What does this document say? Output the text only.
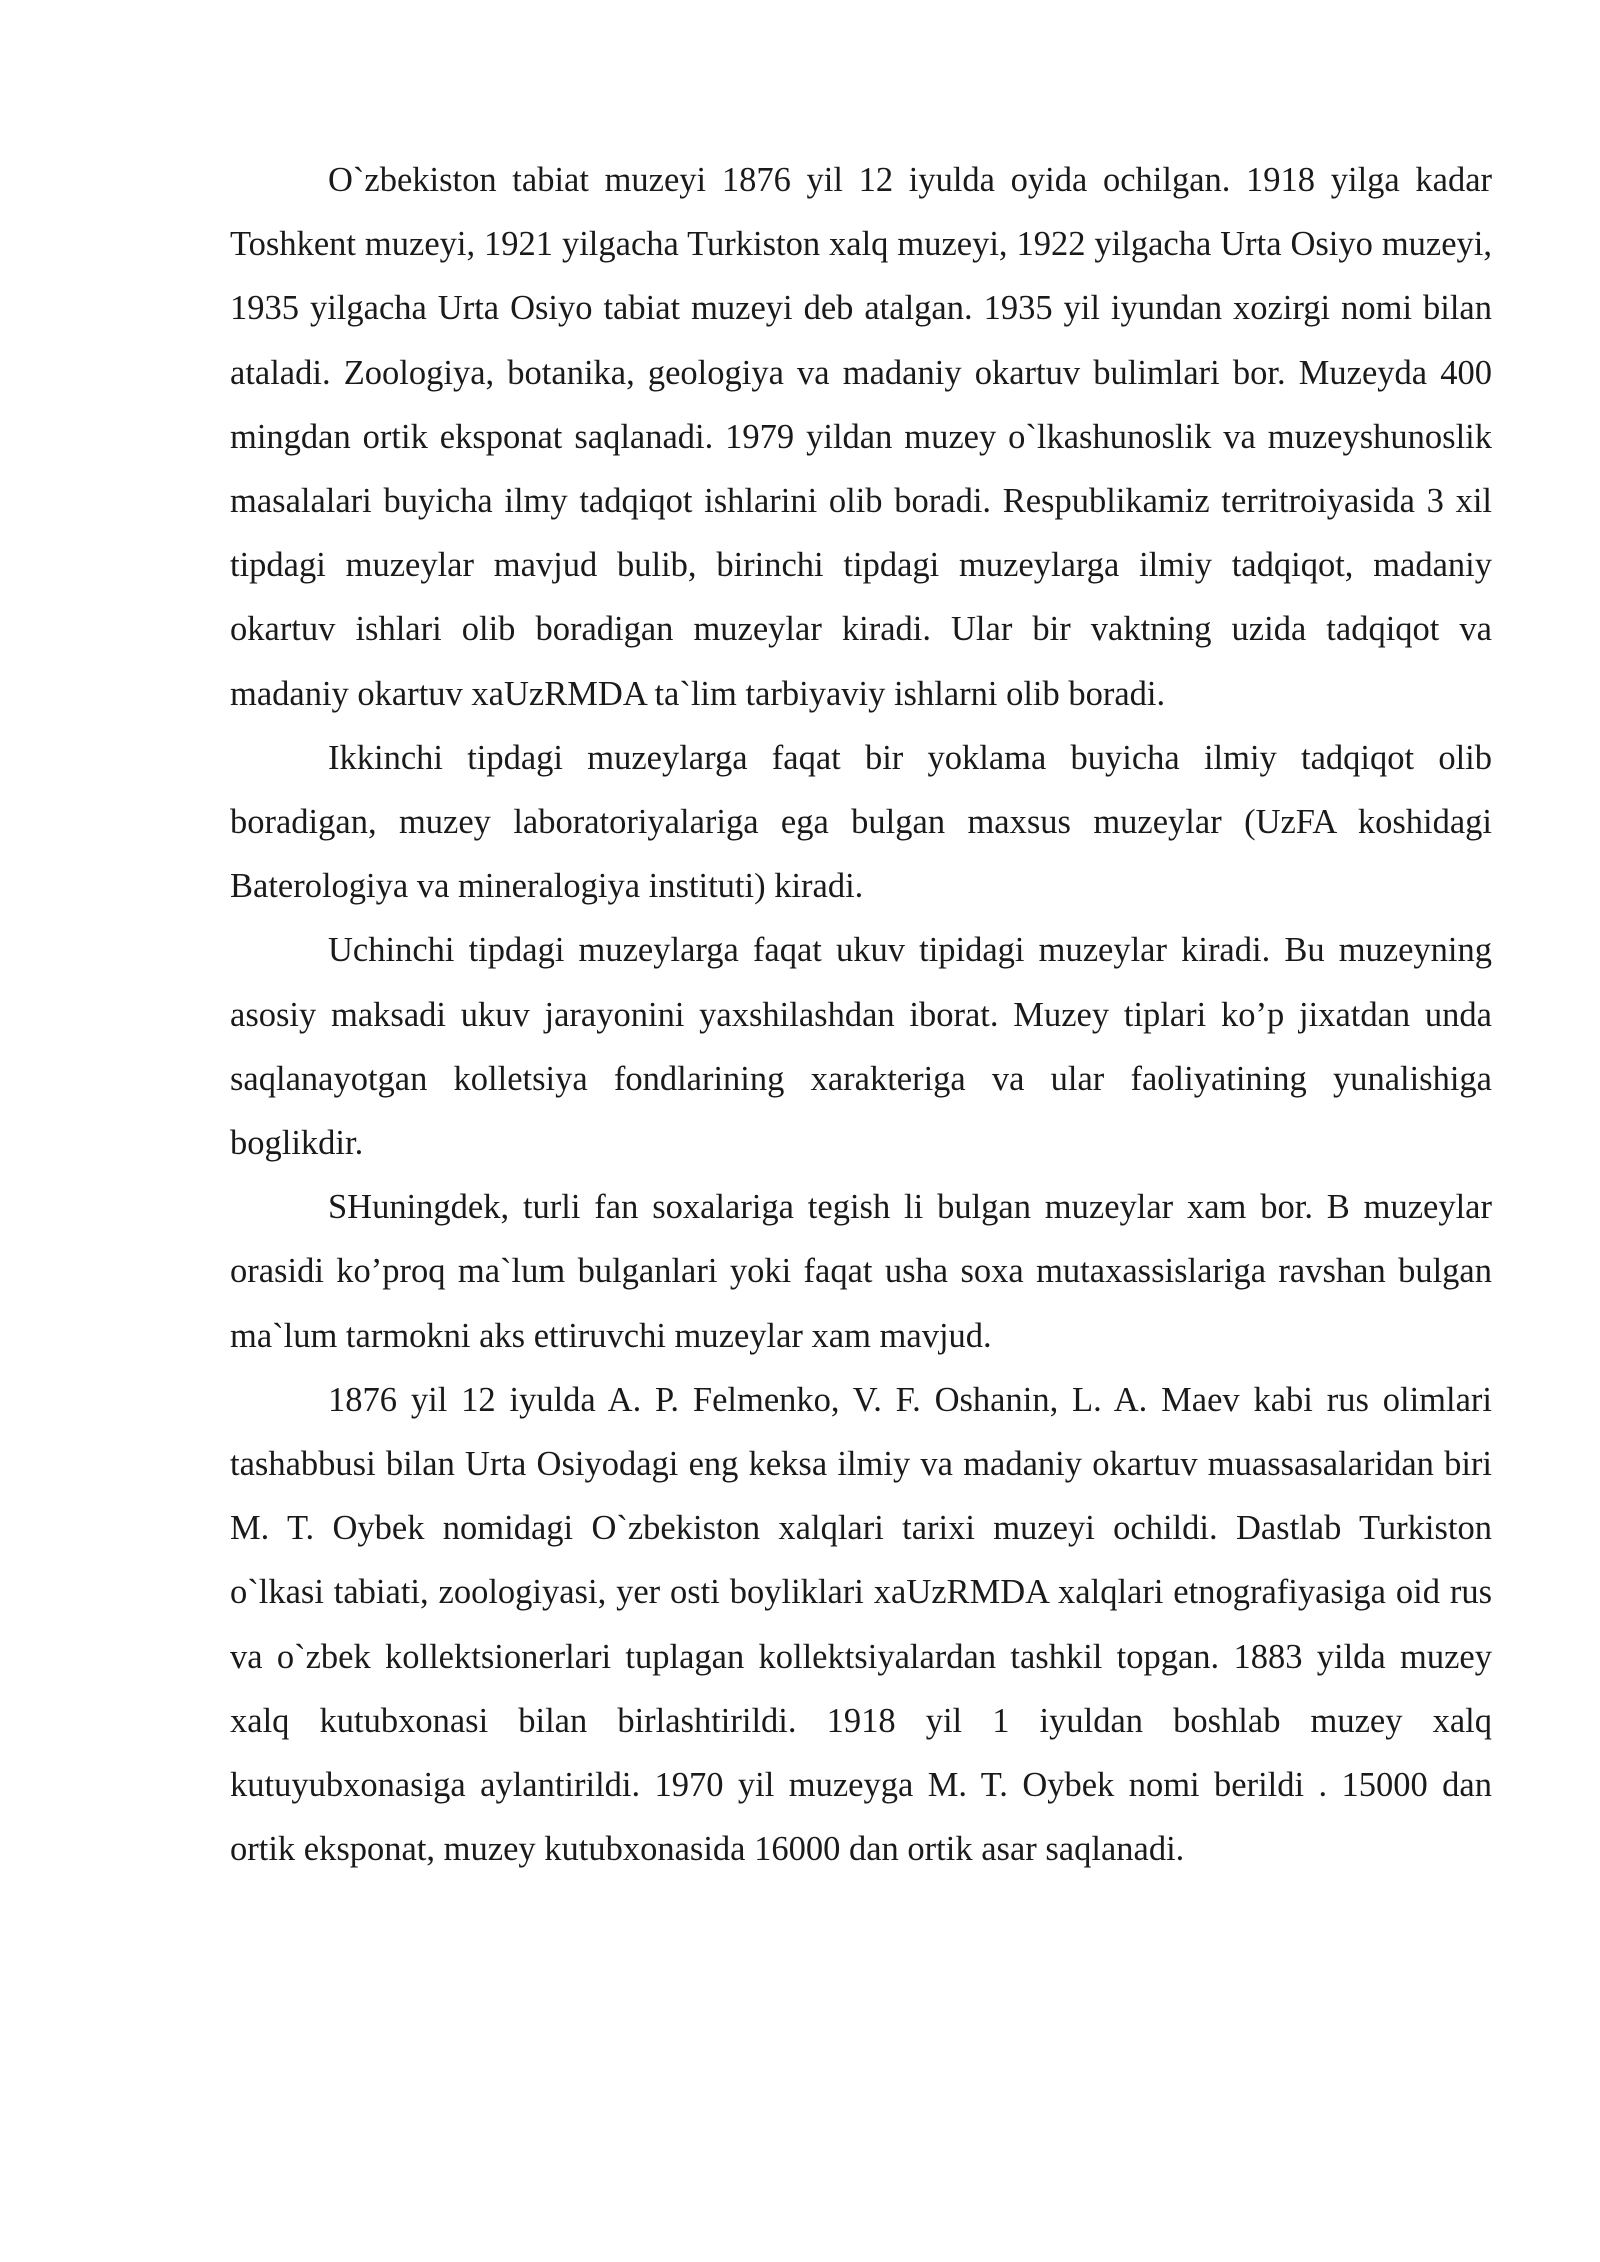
O`zbekiston tabiat muzeyi 1876 yil 12 iyulda oyida ochilgan. 1918 yilga kadar Toshkent muzeyi, 1921 yilgacha Turkiston xalq muzeyi, 1922 yilgacha Urta Osiyo muzeyi, 1935 yilgacha Urta Osiyo tabiat muzeyi deb atalgan. 1935 yil iyundan xozirgi nomi bilan ataladi. Zoologiya, botanika, geologiya va madaniy okartuv bulimlari bor. Muzeyda 400 mingdan ortik eksponat saqlanadi. 1979 yildan muzey o`lkashunoslik va muzeyshunoslik masalalari buyicha ilmy tadqiqot ishlarini olib boradi. Respublikamiz territroiyasida 3 xil tipdagi muzeylar mavjud bulib, birinchi tipdagi muzeylarga ilmiy tadqiqot, madaniy okartuv ishlari olib boradigan muzeylar kiradi. Ular bir vaktning uzida tadqiqot va madaniy okartuv xaUzRMDA ta`lim tarbiyaviy ishlarni olib boradi.

Ikkinchi tipdagi muzeylarga faqat bir yoklama buyicha ilmiy tadqiqot olib boradigan, muzey laboratoriyalariga ega bulgan maxsus muzeylar (UzFA koshidagi Baterologiya va mineralogiya instituti) kiradi.

Uchinchi tipdagi muzeylarga faqat ukuv tipidagi muzeylar kiradi. Bu muzeyning asosiy maksadi ukuv jarayonini yaxshilashdan iborat. Muzey tiplari ko’p jixatdan unda saqlanayotgan kolletsiya fondlarining xarakteriga va ular faoliyatining yunalishiga boglikdir.

SHuningdek, turli fan soxalariga tegish li bulgan muzeylar xam bor. B muzeylar orasidi ko’proq ma`lum bulganlari yoki faqat usha soxa mutaxassislariga ravshan bulgan ma`lum tarmokni aks ettiruvchi muzeylar xam mavjud.

1876 yil 12 iyulda A. P. Felmenko, V. F. Oshanin, L. A. Maev kabi rus olimlari tashabbusi bilan Urta Osiyodagi eng keksa ilmiy va madaniy okartuv muassasalaridan biri M. T. Oybek nomidagi O`zbekiston xalqlari tarixi muzeyi ochildi. Dastlab Turkiston o`lkasi tabiati, zoologiyasi, yer osti boyliklari xaUzRMDA xalqlari etnografiyasiga oid rus va o`zbek kollektsionerlari tuplagan kollektsiyalardan tashkil topgan. 1883 yilda muzey xalq kutubxonasi bilan birlashtirildi. 1918 yil 1 iyuldan boshlab muzey xalq kutuyubxonasiga aylantirildi. 1970 yil muzeyga M. T. Oybek nomi berildi . 15000 dan ortik eksponat, muzey kutubxonasida 16000 dan ortik asar saqlanadi.
